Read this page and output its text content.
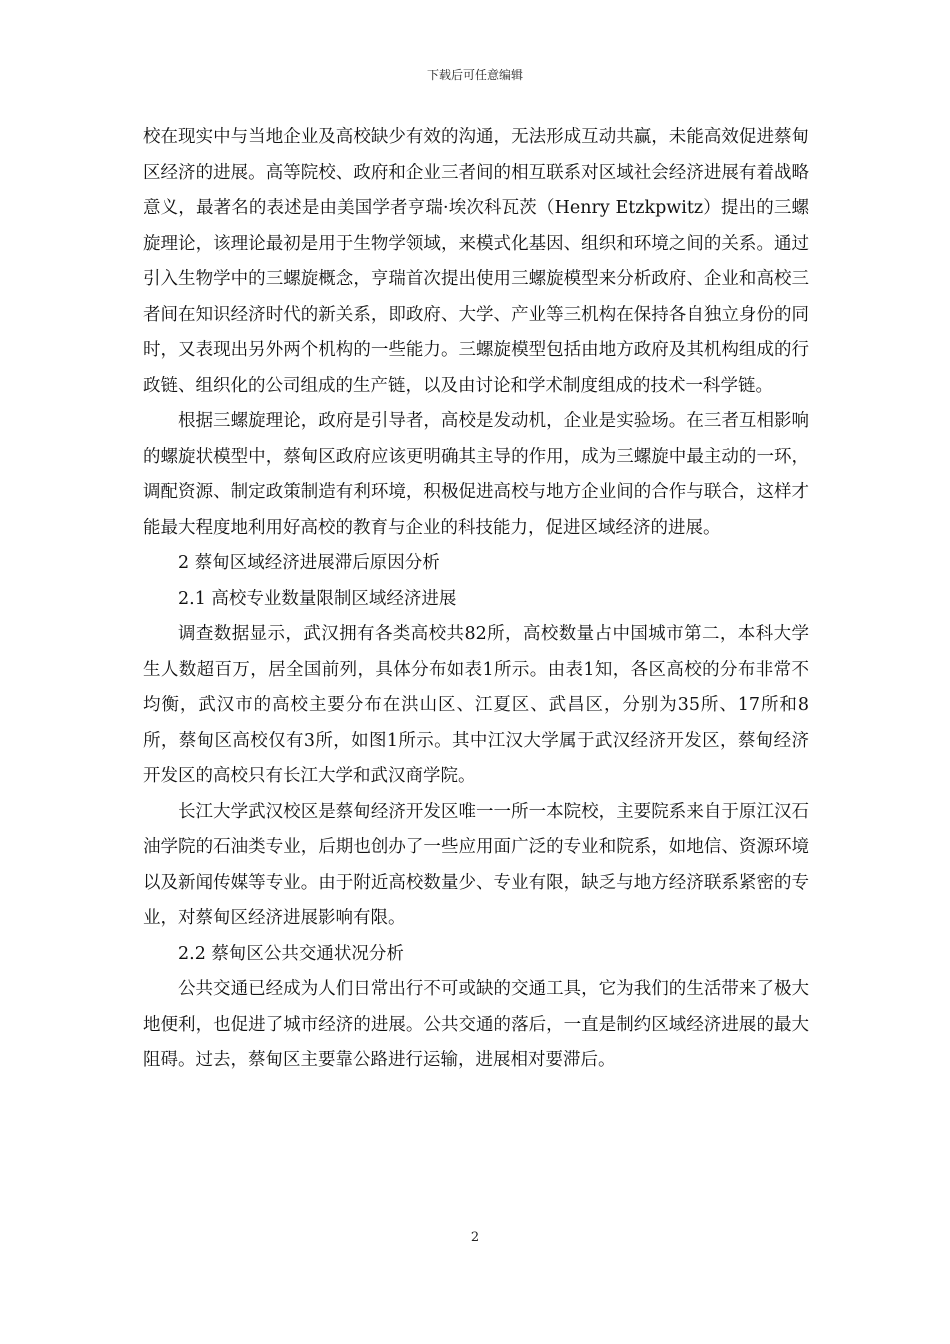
下载后可任意编辑

校在现实中与当地企业及高校缺少有效的沟通，无法形成互动共赢，未能高效促进蔡甸区经济的进展。高等院校、政府和企业三者间的相互联系对区域社会经济进展有着战略意义，最著名的表述是由美国学者亨瑞·埃次科瓦茨（Henry Etzkpwitz）提出的三螺旋理论，该理论最初是用于生物学领域，来模式化基因、组织和环境之间的关系。通过引入生物学中的三螺旋概念，亨瑞首次提出使用三螺旋模型来分析政府、企业和高校三者间在知识经济时代的新关系，即政府、大学、产业等三机构在保持各自独立身份的同时，又表现出另外两个机构的一些能力。三螺旋模型包括由地方政府及其机构组成的行政链、组织化的公司组成的生产链，以及由讨论和学术制度组成的技术一科学链。

根据三螺旋理论，政府是引导者，高校是发动机，企业是实验场。在三者互相影响的螺旋状模型中，蔡甸区政府应该更明确其主导的作用，成为三螺旋中最主动的一环，调配资源、制定政策制造有利环境，积极促进高校与地方企业间的合作与联合，这样才能最大程度地利用好高校的教育与企业的科技能力，促进区域经济的进展。

2 蔡甸区域经济进展滞后原因分析

2.1 高校专业数量限制区域经济进展

调查数据显示，武汉拥有各类高校共82所，高校数量占中国城市第二，本科大学生人数超百万，居全国前列，具体分布如表1所示。由表1知，各区高校的分布非常不均衡，武汉市的高校主要分布在洪山区、江夏区、武昌区，分别为35所、17所和8所，蔡甸区高校仅有3所，如图1所示。其中江汉大学属于武汉经济开发区，蔡甸经济开发区的高校只有长江大学和武汉商学院。

长江大学武汉校区是蔡甸经济开发区唯一一所一本院校，主要院系来自于原江汉石油学院的石油类专业，后期也创办了一些应用面广泛的专业和院系，如地信、资源环境以及新闻传媒等专业。由于附近高校数量少、专业有限，缺乏与地方经济联系紧密的专业，对蔡甸区经济进展影响有限。

2.2 蔡甸区公共交通状况分析

公共交通已经成为人们日常出行不可或缺的交通工具，它为我们的生活带来了极大地便利，也促进了城市经济的进展。公共交通的落后，一直是制约区域经济进展的最大阻碍。过去，蔡甸区主要靠公路进行运输，进展相对要滞后。

2
